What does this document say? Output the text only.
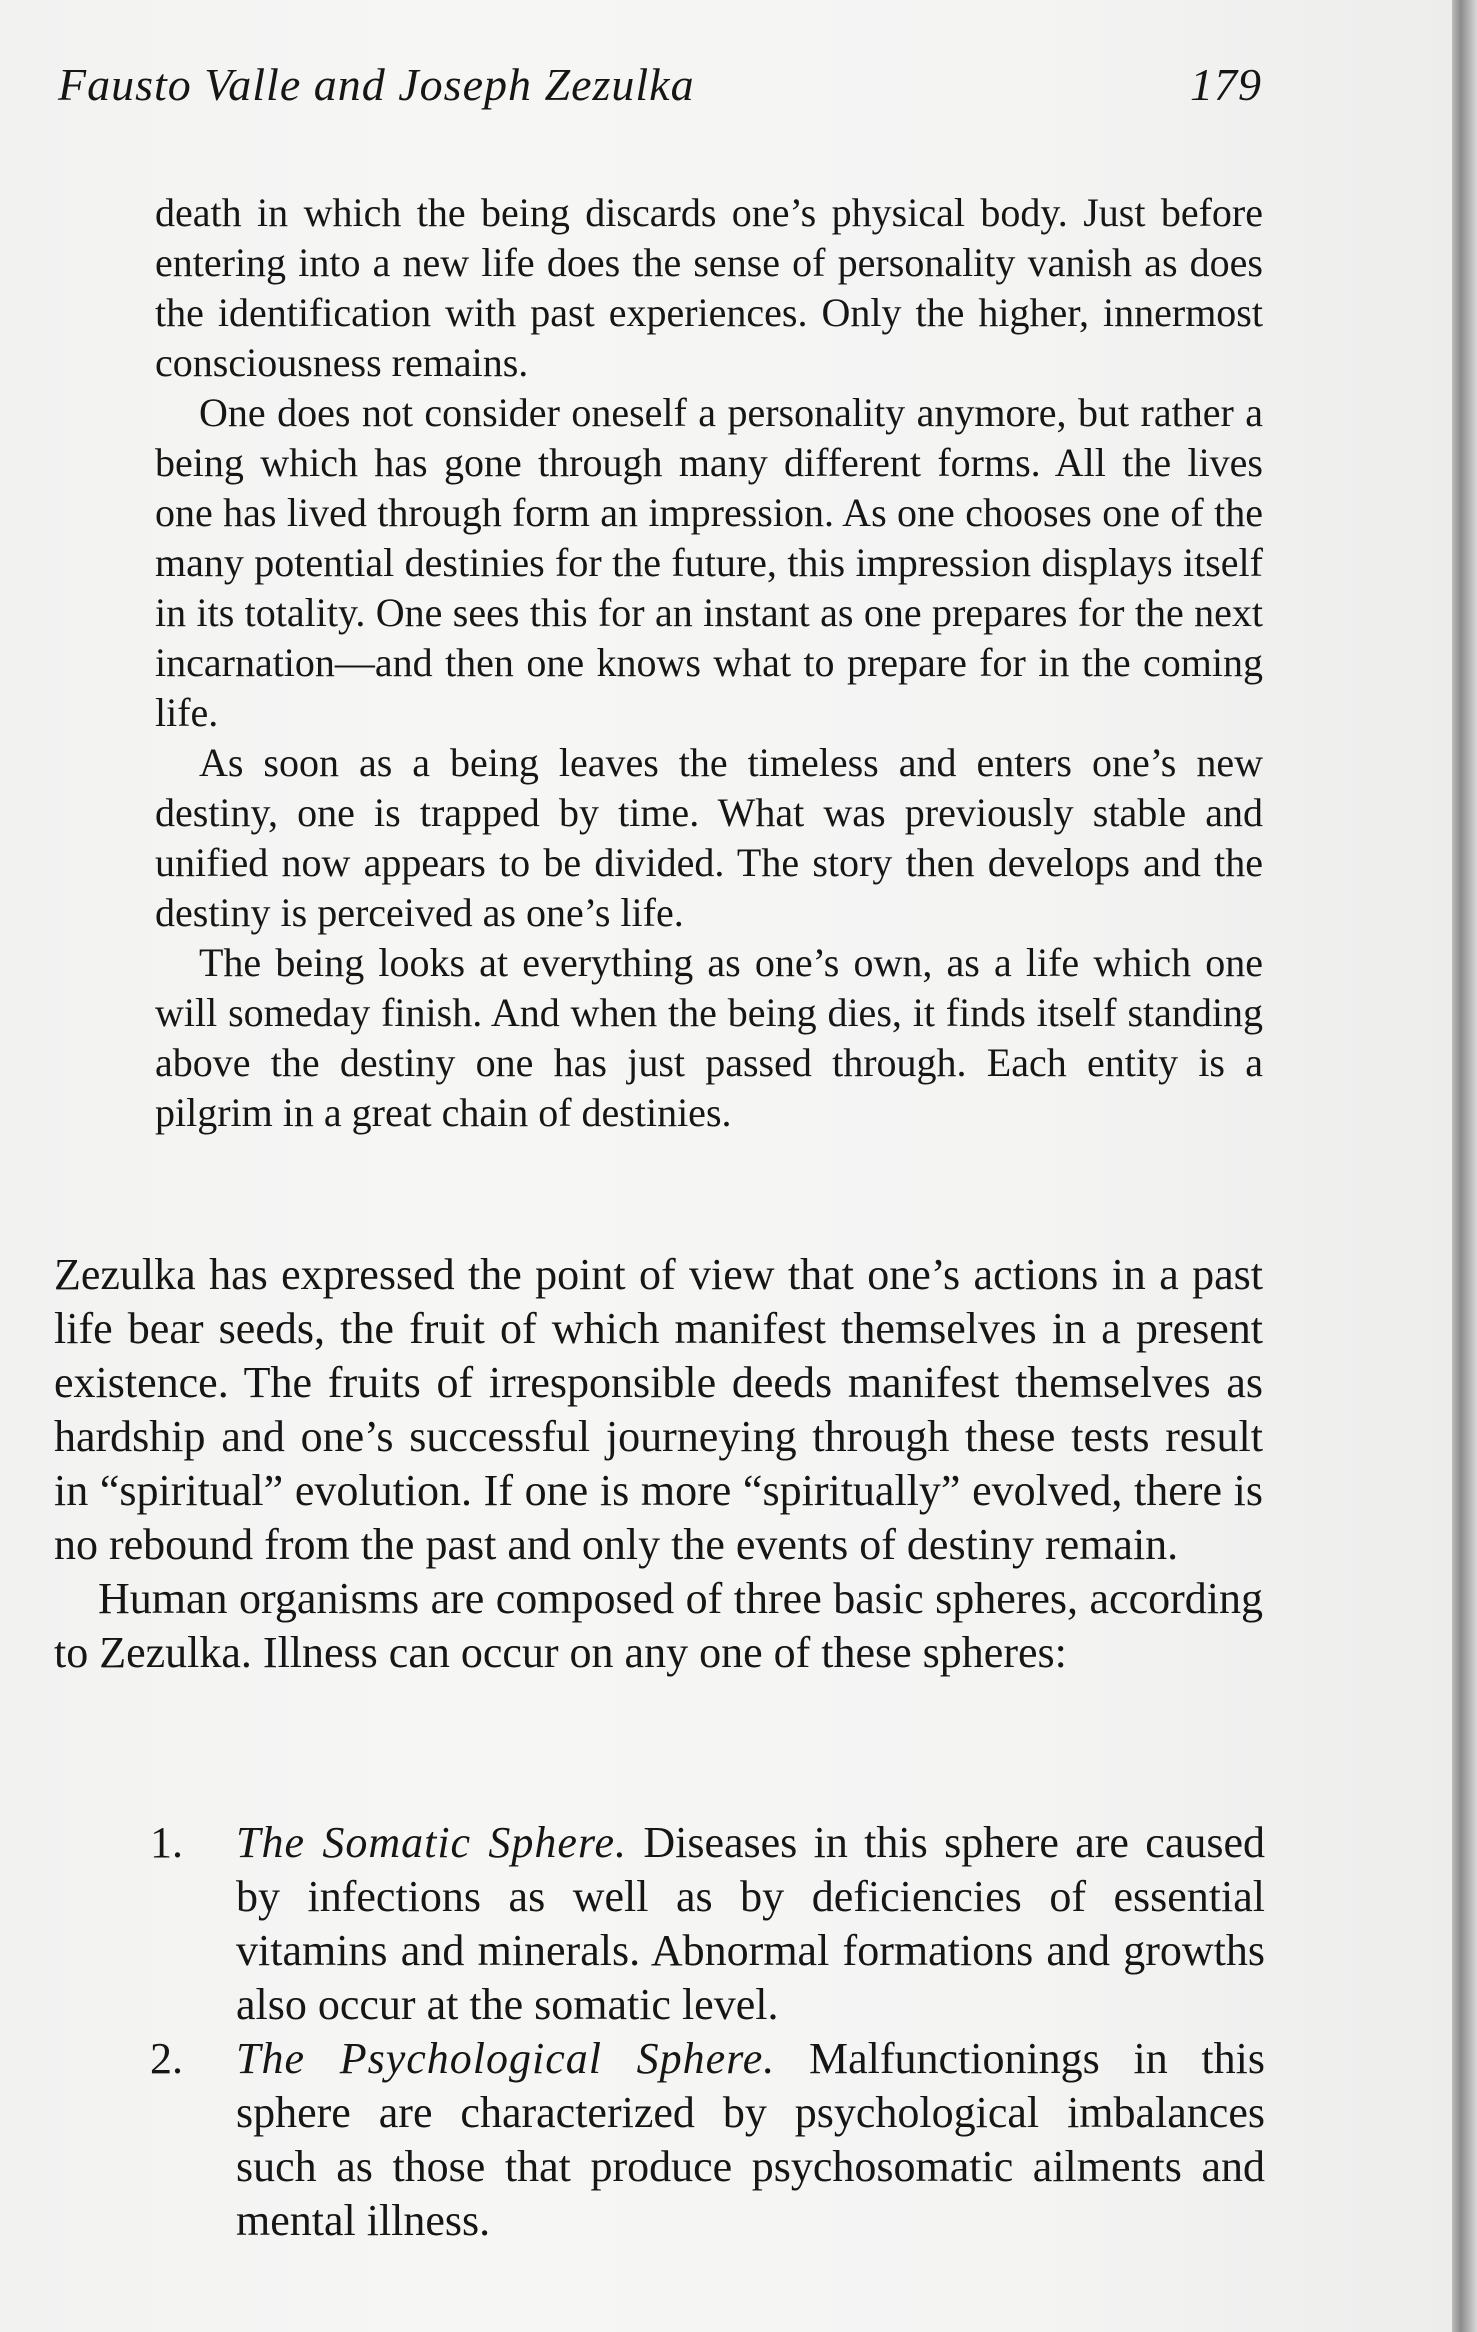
Fausto Valle and Joseph Zezulka	179

death in which the being discards one’s physical body. Just before entering into a new life does the sense of personality vanish as does the identification with past experiences. Only the higher, innermost consciousness remains.

One does not consider oneself a personality anymore, but rather a being which has gone through many different forms. All the lives one has lived through form an impression. As one chooses one of the many potential destinies for the future, this impression displays itself in its totality. One sees this for an instant as one prepares for the next incarnation—and then one knows what to prepare for in the coming life.

As soon as a being leaves the timeless and enters one’s new destiny, one is trapped by time. What was previously stable and unified now appears to be divided. The story then develops and the destiny is perceived as one’s life.

The being looks at everything as one’s own, as a life which one will someday finish. And when the being dies, it finds itself standing above the destiny one has just passed through. Each entity is a pilgrim in a great chain of destinies.

Zezulka has expressed the point of view that one’s actions in a past life bear seeds, the fruit of which manifest themselves in a present existence. The fruits of irresponsible deeds manifest themselves as hardship and one’s successful journeying through these tests result in “spiritual” evolution. If one is more “spiritually” evolved, there is no rebound from the past and only the events of destiny remain.

Human organisms are composed of three basic spheres, according to Zezulka. Illness can occur on any one of these spheres:

1. The Somatic Sphere. Diseases in this sphere are caused by infections as well as by deficiencies of essential vitamins and minerals. Abnormal formations and growths also occur at the somatic level.
2. The Psychological Sphere. Malfunctionings in this sphere are characterized by psychological imbalances such as those that produce psychosomatic ailments and mental illness.
